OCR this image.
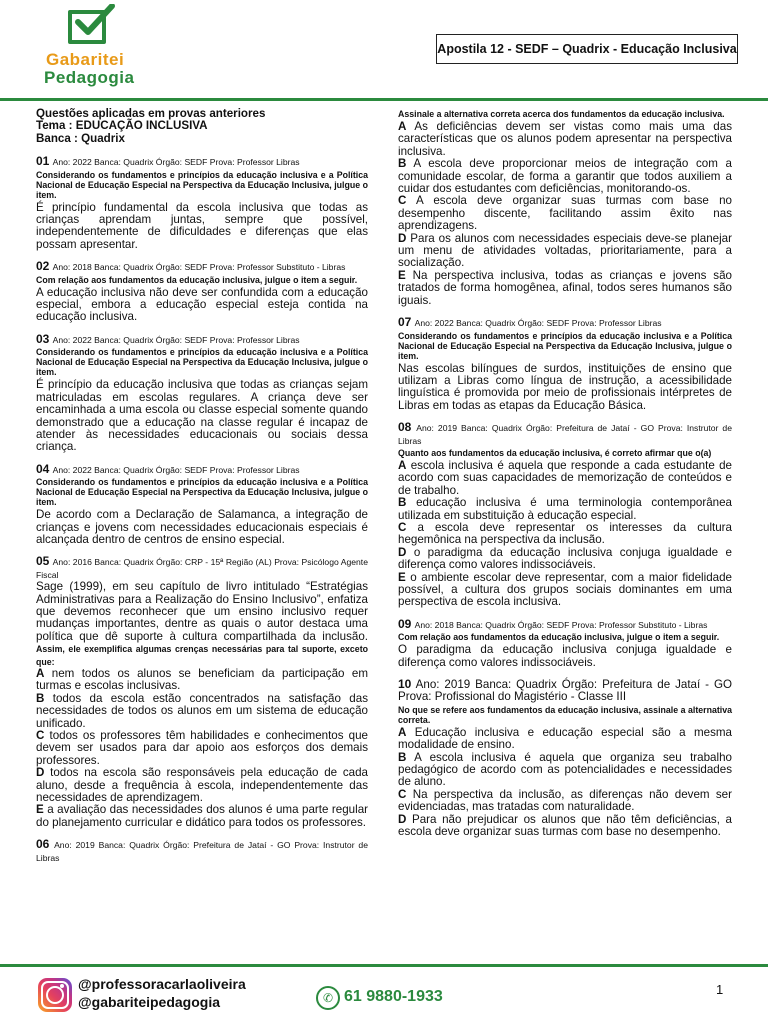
Gabaritei
Pedagogia
Apostila 12 - SEDF – Quadrix - Educação Inclusiva
Questões aplicadas em provas anteriores
Tema : EDUCAÇÃO INCLUSIVA
Banca : Quadrix
01 Ano: 2022 Banca: Quadrix Órgão: SEDF Prova: Professor Libras
Considerando os fundamentos e princípios da educação inclusiva e a Política Nacional de Educação Especial na Perspectiva da Educação Inclusiva, julgue o item.
É princípio fundamental da escola inclusiva que todas as crianças aprendam juntas, sempre que possível, independentemente de dificuldades e diferenças que elas possam apresentar.
02 Ano: 2018 Banca: Quadrix Órgão: SEDF Prova: Professor Substituto - Libras
Com relação aos fundamentos da educação inclusiva, julgue o item a seguir.
A educação inclusiva não deve ser confundida com a educação especial, embora a educação especial esteja contida na educação inclusiva.
03 Ano: 2022 Banca: Quadrix Órgão: SEDF Prova: Professor Libras
Considerando os fundamentos e princípios da educação inclusiva e a Política Nacional de Educação Especial na Perspectiva da Educação Inclusiva, julgue o item.
É princípio da educação inclusiva que todas as crianças sejam matriculadas em escolas regulares. A criança deve ser encaminhada a uma escola ou classe especial somente quando demonstrado que a educação na classe regular é incapaz de atender às necessidades educacionais ou sociais dessa criança.
04 Ano: 2022 Banca: Quadrix Órgão: SEDF Prova: Professor Libras
Considerando os fundamentos e princípios da educação inclusiva e a Política Nacional de Educação Especial na Perspectiva da Educação Inclusiva, julgue o item.
De acordo com a Declaração de Salamanca, a integração de crianças e jovens com necessidades educacionais especiais é alcançada dentro de centros de ensino especial.
05 Ano: 2016 Banca: Quadrix Órgão: CRP - 15ª Região (AL) Prova: Psicólogo Agente Fiscal
Sage (1999), em seu capítulo de livro intitulado “Estratégias Administrativas para a Realização do Ensino Inclusivo”, enfatiza que devemos reconhecer que um ensino inclusivo requer mudanças importantes, dentre as quais o autor destaca uma política que dê suporte à cultura compartilhada da inclusão. Assim, ele exemplifica algumas crenças necessárias para tal suporte, exceto que:
A nem todos os alunos se beneficiam da participação em turmas e escolas inclusivas.
B todos da escola estão concentrados na satisfação das necessidades de todos os alunos em um sistema de educação unificado.
C todos os professores têm habilidades e conhecimentos que devem ser usados para dar apoio aos esforços dos demais professores.
D todos na escola são responsáveis pela educação de cada aluno, desde a frequência à escola, independentemente das necessidades de aprendizagem.
E a avaliação das necessidades dos alunos é uma parte regular do planejamento curricular e didático para todos os professores.
06 Ano: 2019 Banca: Quadrix Órgão: Prefeitura de Jataí - GO Prova: Instrutor de Libras
Assinale a alternativa correta acerca dos fundamentos da educação inclusiva.
A As deficiências devem ser vistas como mais uma das características que os alunos podem apresentar na perspectiva inclusiva.
B A escola deve proporcionar meios de integração com a comunidade escolar, de forma a garantir que todos auxiliem a cuidar dos estudantes com deficiências, monitorando-os.
C A escola deve organizar suas turmas com base no desempenho discente, facilitando assim êxito nas aprendizagens.
D Para os alunos com necessidades especiais deve-se planejar um menu de atividades voltadas, prioritariamente, para a socialização.
E Na perspectiva inclusiva, todas as crianças e jovens são tratados de forma homogênea, afinal, todos seres humanos são iguais.
07 Ano: 2022 Banca: Quadrix Órgão: SEDF Prova: Professor Libras
Considerando os fundamentos e princípios da educação inclusiva e a Política Nacional de Educação Especial na Perspectiva da Educação Inclusiva, julgue o item.
Nas escolas bilíngues de surdos, instituições de ensino que utilizam a Libras como língua de instrução, a acessibilidade linguística é promovida por meio de profissionais intérpretes de Libras em todas as etapas da Educação Básica.
08 Ano: 2019 Banca: Quadrix Órgão: Prefeitura de Jataí - GO Prova: Instrutor de Libras
Quanto aos fundamentos da educação inclusiva, é correto afirmar que o(a)
A escola inclusiva é aquela que responde a cada estudante de acordo com suas capacidades de memorização de conteúdos e de trabalho.
B educação inclusiva é uma terminologia contemporânea utilizada em substituição à educação especial.
C a escola deve representar os interesses da cultura hegemônica na perspectiva da inclusão.
D o paradigma da educação inclusiva conjuga igualdade e diferença como valores indissociáveis.
E o ambiente escolar deve representar, com a maior fidelidade possível, a cultura dos grupos sociais dominantes em uma perspectiva de escola inclusiva.
09 Ano: 2018 Banca: Quadrix Órgão: SEDF Prova: Professor Substituto - Libras
Com relação aos fundamentos da educação inclusiva, julgue o item a seguir.
O paradigma da educação inclusiva conjuga igualdade e diferença como valores indissociáveis.
10 Ano: 2019 Banca: Quadrix Órgão: Prefeitura de Jataí - GO Prova: Profissional do Magistério - Classe III
No que se refere aos fundamentos da educação inclusiva, assinale a alternativa correta.
A Educação inclusiva e educação especial são a mesma modalidade de ensino.
B A escola inclusiva é aquela que organiza seu trabalho pedagógico de acordo com as potencialidades e necessidades de aluno.
C Na perspectiva da inclusão, as diferenças não devem ser evidenciadas, mas tratadas com naturalidade.
D Para não prejudicar os alunos que não têm deficiências, a escola deve organizar suas turmas com base no desempenho.
@professoracarlaoliveira
@gabariteipedagogia	✆ 61 9880-1933	1
